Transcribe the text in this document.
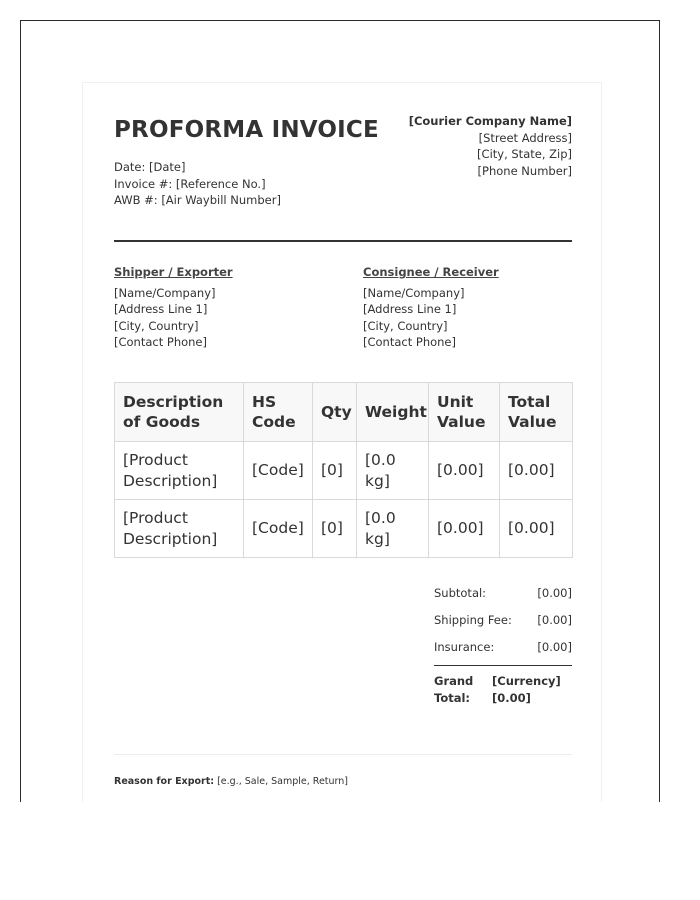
PROFORMA INVOICE
Date: [Date]
Invoice #: [Reference No.]
AWB #: [Air Waybill Number]
[Courier Company Name]
[Street Address]
[City, State, Zip]
[Phone Number]
Shipper / Exporter
[Name/Company]
[Address Line 1]
[City, Country]
[Contact Phone]
Consignee / Receiver
[Name/Company]
[Address Line 1]
[City, Country]
[Contact Phone]
Description of Goods	HS Code	Qty	Weight	Unit Value	Total Value
[Product Description]	[Code]	[0]	[0.0 kg]	[0.00]	[0.00]
[Product Description]	[Code]	[0]	[0.0 kg]	[0.00]	[0.00]
Subtotal:	[0.00]
Shipping Fee: [0.00]
Insurance:	[0.00]
Grand Total:
[Currency] [0.00]
Reason for Export: [e.g., Sale, Sample, Return]
